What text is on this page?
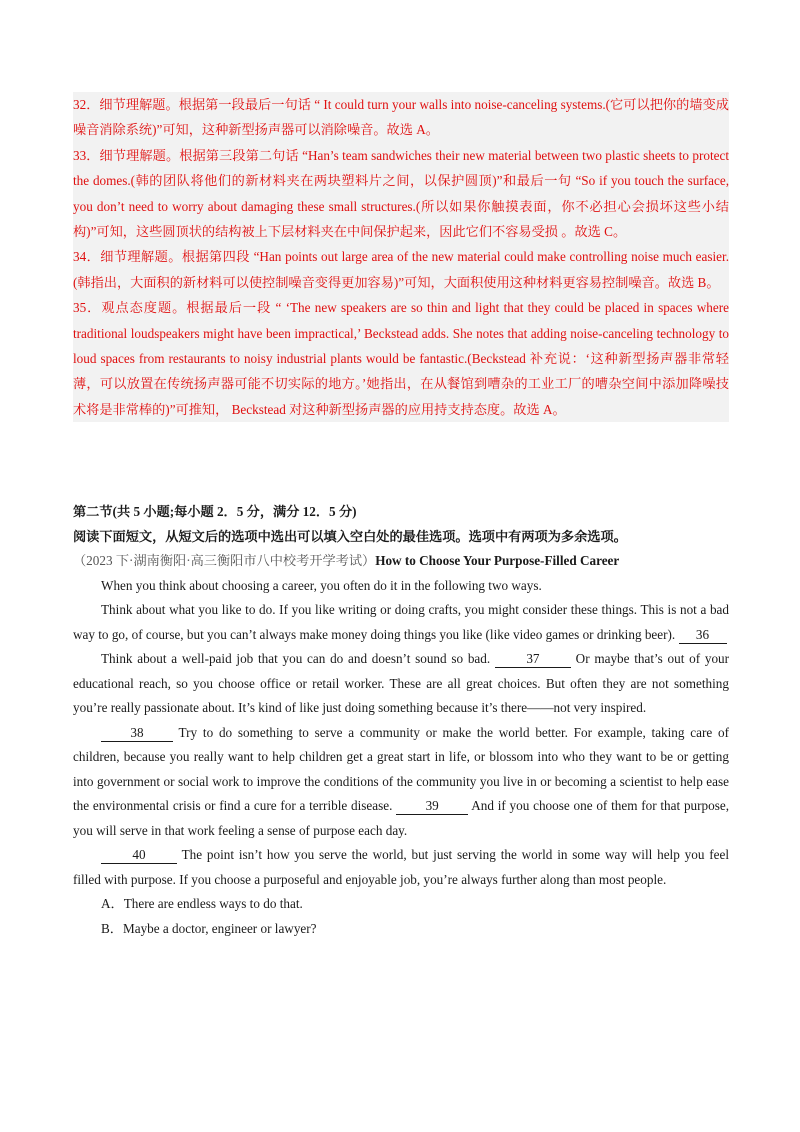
32．细节理解题。根据第一段最后一句话 “ It could turn your walls into noise-canceling systems.(它可以把你的墙变成噪音消除系统)”可知，这种新型扬声器可以消除噪音。故选 A。

33．细节理解题。根据第三段第二句话 “Han’s team sandwiches their new material between two plastic sheets to protect the domes.(韩的团队将他们的新材料夹在两块塑料片之间，以保护圆顶)”和最后一句 “So if you touch the surface, you don’t need to worry about damaging these small structures.(所以如果你触摸表面，你不必担心会损坏这些小结构)”可知，这些圆顶状的结构被上下层材料夹在中间保护起来，因此它们不容易受损 。故选 C。

34．细节理解题。根据第四段 “Han points out large area of the new material could make controlling noise much easier.(韩指出，大面积的新材料可以使控制噪音变得更加容易)”可知，大面积使用这种材料更容易控制噪音。故选 B。

35．观点态度题。根据最后一段 “ ‘The new speakers are so thin and light that they could be placed in spaces where traditional loudspeakers might have been impractical,’ Beckstead adds. She notes that adding noise-canceling technology to loud spaces from restaurants to noisy industrial plants would be fantastic.(Beckstead 补充说：‘这种新型扬声器非常轻薄，可以放置在传统扬声器可能不切实际的地方。’她指出，在从餐馆到嘈杂的工业工厂的嘈杂空间中添加降噪技术将是非常棒的)”可推知， Beckstead 对这种新型扬声器的应用持支持态度。故选 A。

第二节(共 5 小题;每小题 2．5 分，满分 12．5 分)

阅读下面短文，从短文后的选项中选出可以填入空白处的最佳选项。选项中有两项为多余选项。

（2023 下·湖南衡阳·高三衡阳市八中校考开学考试）How to Choose Your Purpose-Filled Career

When you think about choosing a career, you often do it in the following two ways.

Think about what you like to do. If you like writing or doing crafts, you might consider these things. This is not a bad way to go, of course, but you can’t always make money doing things you like (like video games or drinking beer). 36

Think about a well-paid job that you can do and doesn’t sound so bad.	37	Or maybe that’s out of your educational reach, so you choose office or retail worker. These are all great choices. But often they are not something you’re really passionate about. It’s kind of like just doing something because it’s there——not very inspired.

38	Try to do something to serve a community or make the world better. For example, taking care of children, because you really want to help children get a great start in life, or blossom into who they want to be or getting into government or social work to improve the conditions of the community you live in or becoming a scientist to help ease the environmental crisis or find a cure for a terrible disease.	39 And if you choose one of them for that purpose, you will serve in that work feeling a sense of purpose each day.

40	The point isn’t how you serve the world, but just serving the world in some way will help you feel filled with purpose. If you choose a purposeful and enjoyable job, you’re always further along than most people.

A．There are endless ways to do that.

B．Maybe a doctor, engineer or lawyer?
